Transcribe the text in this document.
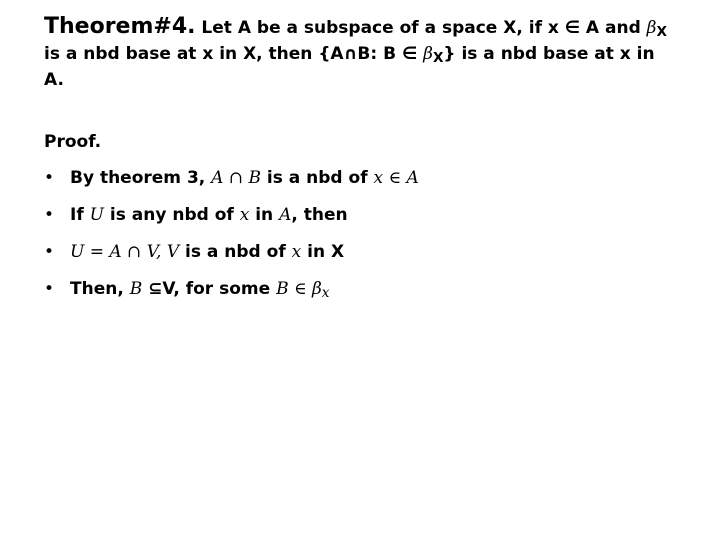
Theorem#4. Let A be a subspace of a space X, if x ∈ A and βX
is a nbd base at x in X, then {A∩B: B ∈ βX} is a nbd base at x in
A.
Proof.
• By theorem 3, A ∩ B is a nbd of x ∈ A
• If U is any nbd of x in A, then
• U = A ∩ V, V is a nbd of x in X
• Then, B ⊆V, for some B ∈ βx
